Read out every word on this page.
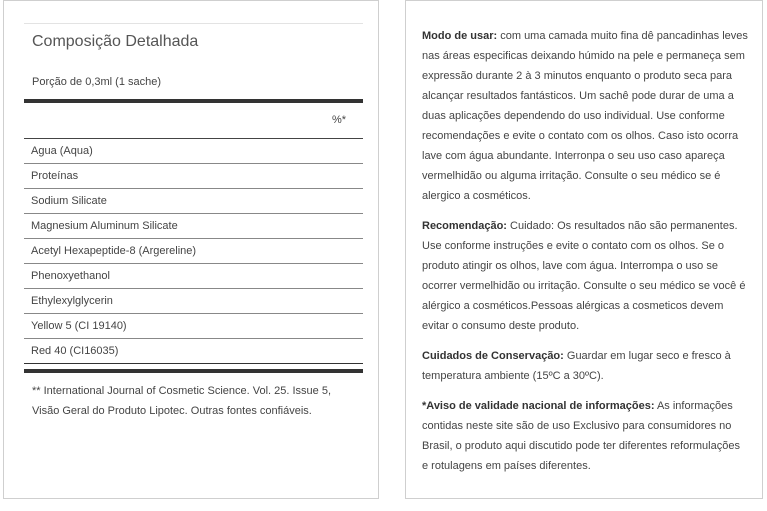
Composição Detalhada
Porção de 0,3ml (1 sache)
%*
Agua (Aqua)
Proteínas
Sodium Silicate
Magnesium Aluminum Silicate
Acetyl Hexapeptide-8 (Argereline)
Phenoxyethanol
Ethylexylglycerin
Yellow 5 (CI 19140)
Red 40 (CI16035)
** International Journal of Cosmetic Science. Vol. 25. Issue 5, Visão Geral do Produto Lipotec. Outras fontes confiáveis.

Modo de usar: com uma camada muito fina dê pancadinhas leves nas áreas especificas deixando húmido na pele e permaneça sem expressão durante 2 à 3 minutos enquanto o produto seca para alcançar resultados fantásticos. Um sachê pode durar de uma a duas aplicações dependendo do uso individual. Use conforme recomendações e evite o contato com os olhos. Caso isto ocorra lave com água abundante. Interronpa o seu uso caso apareça vermelhidão ou alguma irritação. Consulte o seu médico se é alergico a cosméticos.

Recomendação: Cuidado: Os resultados não são permanentes. Use conforme instruções e evite o contato com os olhos. Se o produto atingir os olhos, lave com água. Interrompa o uso se ocorrer vermelhidão ou irritação. Consulte o seu médico se você é alérgico a cosméticos.Pessoas alérgicas a cosmeticos devem evitar o consumo deste produto.

Cuidados de Conservação: Guardar em lugar seco e fresco à temperatura ambiente (15ºC a 30ºC).

*Aviso de validade nacional de informações: As informações contidas neste site são de uso Exclusivo para consumidores no Brasil, o produto aqui discutido pode ter diferentes reformulações e rotulagens em países diferentes.
